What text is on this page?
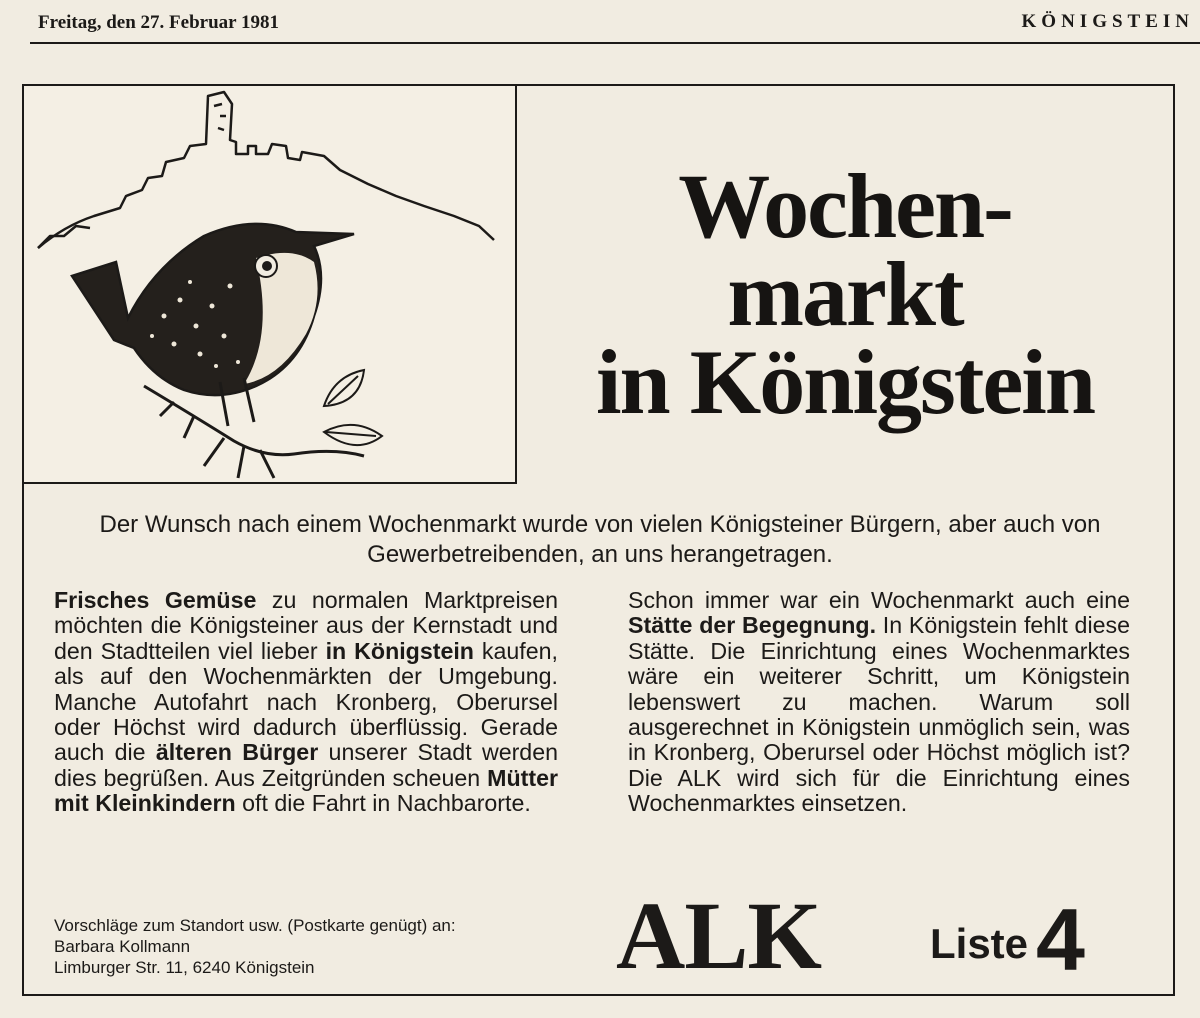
Freitag, den 27. Februar 1981	KÖNIGSTEIN
Wochen-
markt
in Königstein
Der Wunsch nach einem Wochenmarkt wurde von vielen Königsteiner Bürgern, aber auch von Gewerbetreibenden, an uns herangetragen.
Frisches Gemüse zu normalen Marktpreisen möchten die Königsteiner aus der Kernstadt und den Stadtteilen viel lieber in Königstein kaufen, als auf den Wochenmärkten der Umgebung. Manche Autofahrt nach Kronberg, Oberursel oder Höchst wird dadurch überflüssig. Gerade auch die älteren Bürger unserer Stadt werden dies begrüßen. Aus Zeitgründen scheuen Mütter mit Kleinkindern oft die Fahrt in Nachbarorte.
Schon immer war ein Wochenmarkt auch eine Stätte der Begegnung. In Königstein fehlt diese Stätte. Die Einrichtung eines Wochenmarktes wäre ein weiterer Schritt, um Königstein lebenswert zu machen. Warum soll ausgerechnet in Königstein unmöglich sein, was in Kronberg, Oberursel oder Höchst möglich ist? Die ALK wird sich für die Einrichtung eines Wochenmarktes einsetzen.
Vorschläge zum Standort usw. (Postkarte genügt) an:
Barbara Kollmann
Limburger Str. 11, 6240 Königstein	ALK	Liste 4
